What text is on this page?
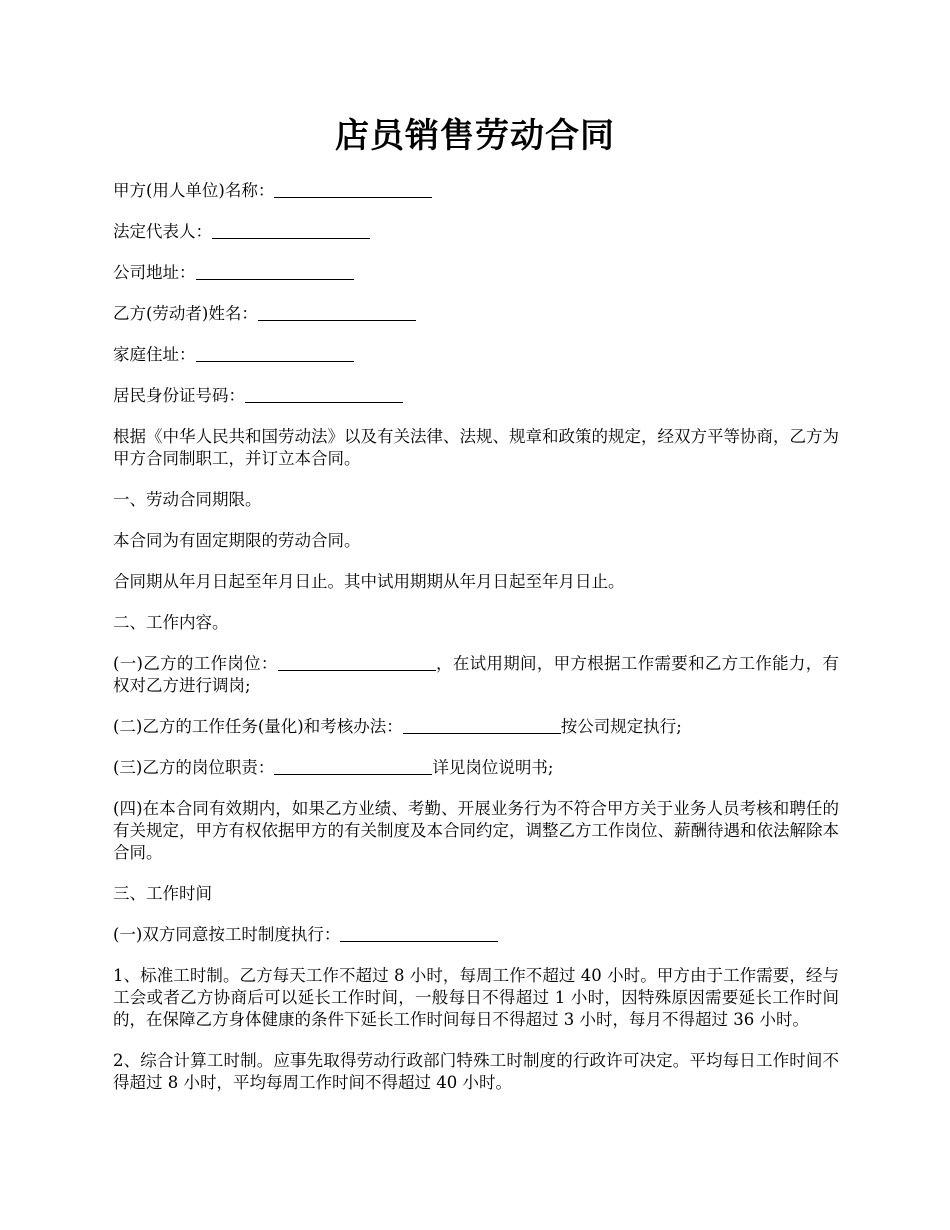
店员销售劳动合同

甲方(用人单位)名称：

法定代表人：

公司地址：

乙方(劳动者)姓名：

家庭住址：

居民身份证号码：

根据《中华人民共和国劳动法》以及有关法律、法规、规章和政策的规定，经双方平等协商，乙方为甲方合同制职工，并订立本合同。

一、劳动合同期限。

本合同为有固定期限的劳动合同。

合同期从年月日起至年月日止。其中试用期期从年月日起至年月日止。

二、工作内容。

(一)乙方的工作岗位：	，在试用期间，甲方根据工作需要和乙方工作能力，有权对乙方进行调岗;

(二)乙方的工作任务(量化)和考核办法：	按公司规定执行;

(三)乙方的岗位职责：	详见岗位说明书;

(四)在本合同有效期内，如果乙方业绩、考勤、开展业务行为不符合甲方关于业务人员考核和聘任的有关规定，甲方有权依据甲方的有关制度及本合同约定，调整乙方工作岗位、薪酬待遇和依法解除本合同。

三、工作时间

(一)双方同意按工时制度执行：

1、标准工时制。乙方每天工作不超过 8 小时，每周工作不超过 40 小时。甲方由于工作需要，经与工会或者乙方协商后可以延长工作时间，一般每日不得超过 1 小时，因特殊原因需要延长工作时间的，在保障乙方身体健康的条件下延长工作时间每日不得超过 3 小时，每月不得超过 36 小时。

2、综合计算工时制。应事先取得劳动行政部门特殊工时制度的行政许可决定。平均每日工作时间不得超过 8 小时，平均每周工作时间不得超过 40 小时。
